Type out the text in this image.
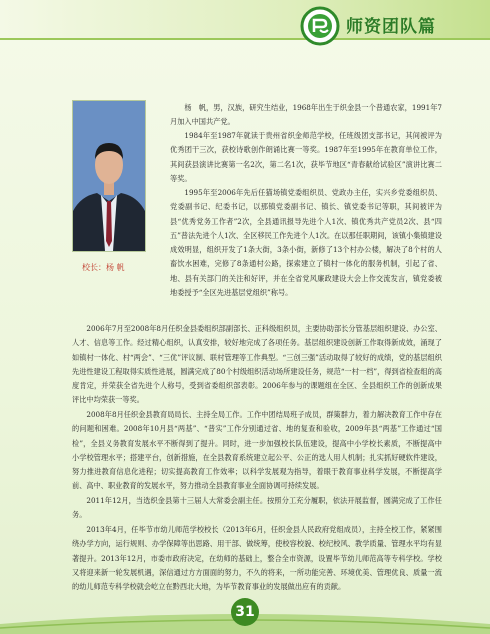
师资团队篇
校长：杨 帆

杨　帆，男，汉族，研究生结业，1968年出生于织金县一个普通农家，1991年7月加入中国共产党。

1984年至1987年就读于贵州省织金师范学校，任班级团支部书记，其间被评为优秀团干三次，获校诗歌创作朗诵比赛一等奖。1987年至1995年在教育单位工作，其间获县演讲比赛第一名2次，第二名1次，获毕节地区“青春献给试验区”演讲比赛二等奖。

1995年至2006年先后任猫场镇党委组织员、党政办主任，实兴乡党委组织员、党委副书记、纪委书记，以那镇党委副书记、镇长、镇党委书记等职，其间被评为县“优秀党务工作者”2次，全县通讯报导先进个人1次、镇优秀共产党员2次、县“四五”普法先进个人1次、全区移民工作先进个人1次。在以那任职期间，该镇小集镇建设成效明显，组织开发了1条大街，3条小街，新修了13个村办公楼，解决了8个村的人畜饮水困难，完修了8条通村公路，探索建立了镇村一体化的服务机制，引起了省、地、县有关部门的关注和好评，并在全省党风廉政建设大会上作交流发言，镇党委被地委授予“全区先进基层党组织”称号。

2006年7月至2008年8月任织金县委组织部副部长、正科级组织员，主要协助部长分管基层组织建设、办公室、人才、信息等工作。经过精心组织，认真安排，较好地完成了各项任务。基层组织建设创新工作取得新成效，涌现了如镇村一体化、村“两会”、“三优”评议制、联村管理等工作典型。“三创三强”活动取得了较好的成绩，党的基层组织先进性建设工程取得实质性进展，圆满完成了80个村级组织活动场所建设任务，规范“一村一档”，得到省检查组的高度肯定，并荣获全省先进个人称号，受到省委组织部表彰。2006年参与的课题组在全区、全县组织工作的创新成果评比中均荣获一等奖。

2008年8月任织金县教育局局长、主持全局工作。工作中团结局班子成员，群策群力，着力解决教育工作中存在的问题和困难。2008年10月县“两基”、“普实”工作分别通过省、地的复查和验收，2009年县“两基”工作通过“国检”，全县义务教育发展水平不断得到了提升。同时，进一步加强校长队伍建设，提高中小学校长素质，不断提高中小学校管理水平；搭建平台，创新措施，在全县教育系统建立起公平、公正的选人用人机制；扎实抓好硬软件建设，努力推进教育信息化进程；切实提高教育工作效率；以科学发展观为指导，着眼于教育事业科学发展，不断提高学前、高中、职业教育的发展水平，努力推动全县教育事业全面协调可持续发展。

2011年12月，当选织金县第十三届人大常委会副主任。按照分工充分履职，依法开展监督，圆满完成了工作任务。

2013年4月，任毕节市幼儿师范学校校长（2013年6月，任织金县人民政府党组成员），主持全校工作，紧紧围绕办学方向，运行规则、办学保障等出思路、用干部、做统筹，使校容校貌、校纪校风、教学质量、管理水平均有显著提升。2013年12月，市委市政府决定，在幼师的基础上，整合全市资源，设置毕节幼儿师范高等专科学校。学校又将迎来新一轮发展机遇，深信通过方方面面的努力，不久的将来，一所功能完善、环境优美、管理优良、质量一流的幼儿师范专科学校就会屹立在黔西北大地，为毕节教育事业的发展做出应有的贡献。

31
